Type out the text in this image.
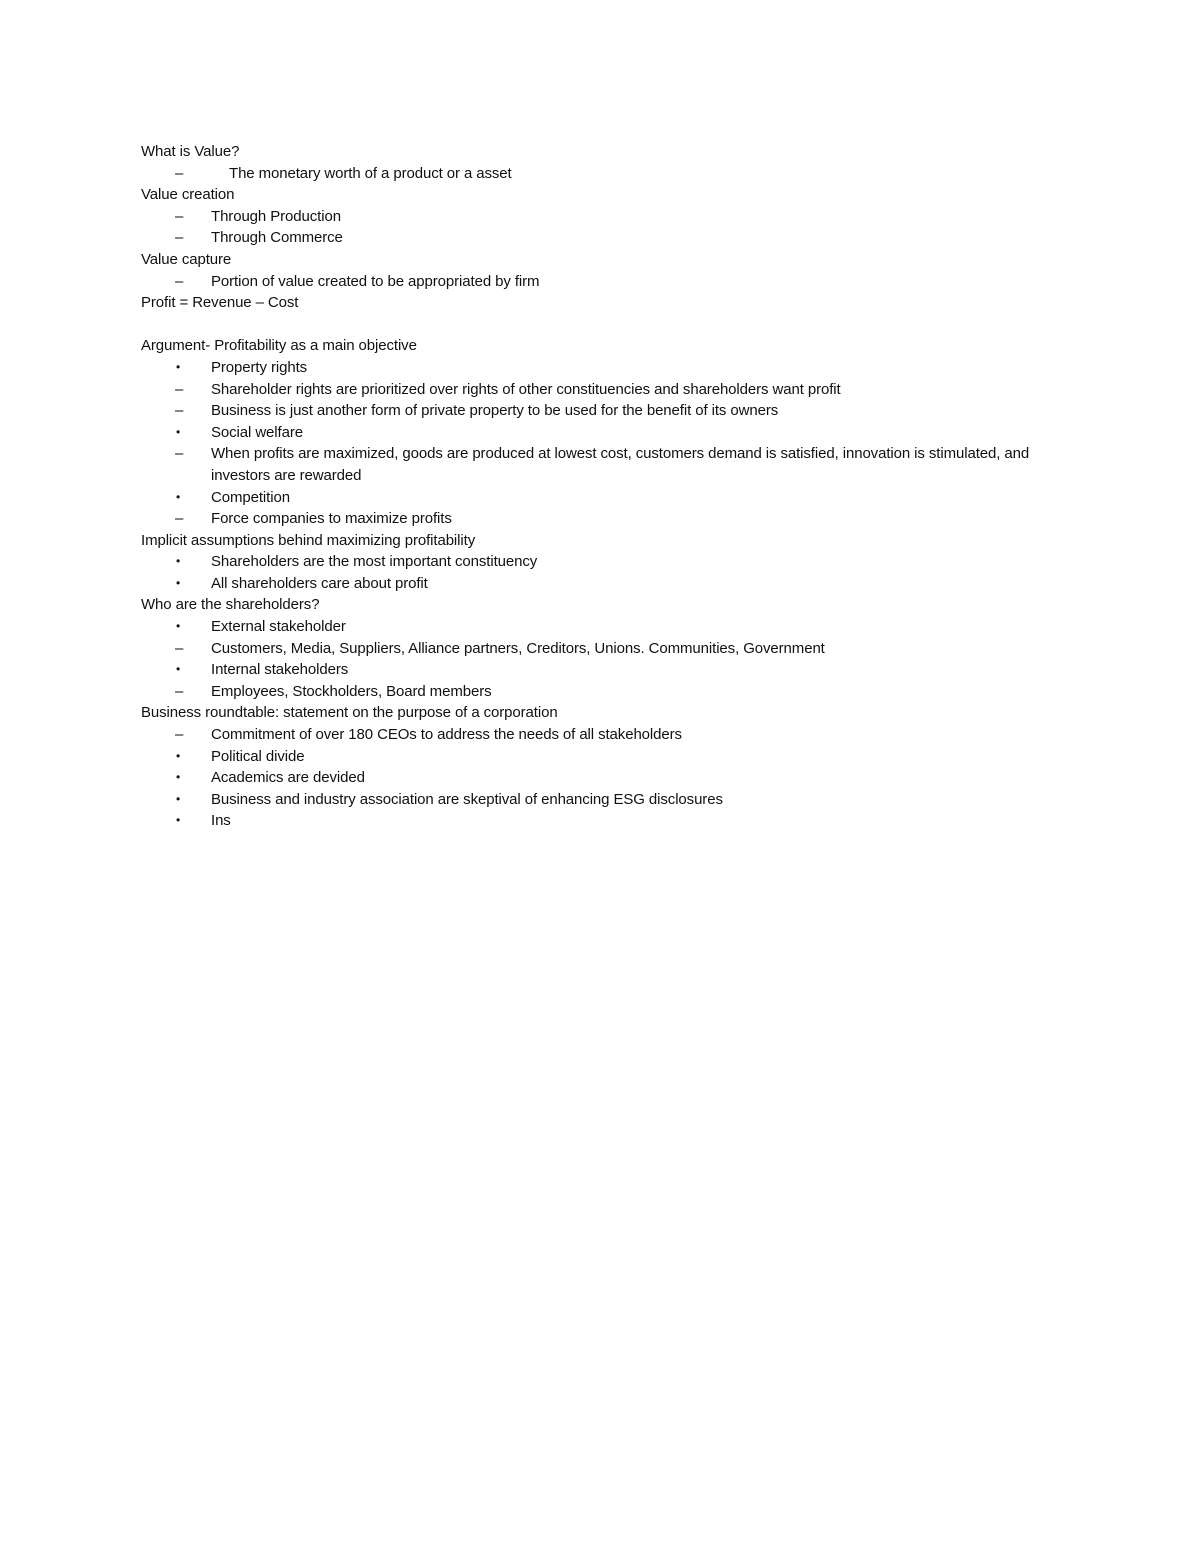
What is Value?

–	The monetary worth of a product or a asset

Value creation

–	Through Production
–	Through Commerce

Value capture

–	Portion of value created to be appropriated by firm

Profit = Revenue – Cost

Argument- Profitability as a main objective

•	Property rights
–	Shareholder rights are prioritized over rights of other constituencies and shareholders want profit
–	Business is just another form of private property to be used for the benefit of its owners
•	Social welfare
–	When profits are maximized, goods are produced at lowest cost, customers demand is satisfied, innovation is stimulated, and investors are rewarded
•	Competition
–	Force companies to maximize profits

Implicit assumptions behind maximizing profitability

•	Shareholders are the most important constituency
•	All shareholders care about profit

Who are the shareholders?

•	External stakeholder
–	Customers, Media, Suppliers, Alliance partners, Creditors, Unions. Communities, Government
•	Internal stakeholders
–	Employees, Stockholders, Board members

Business roundtable: statement on the purpose of a corporation

–	Commitment of over 180 CEOs to address the needs of all stakeholders
•	Political divide
•	Academics are devided
•	Business and industry association are skeptival of enhancing ESG disclosures
•	Ins
